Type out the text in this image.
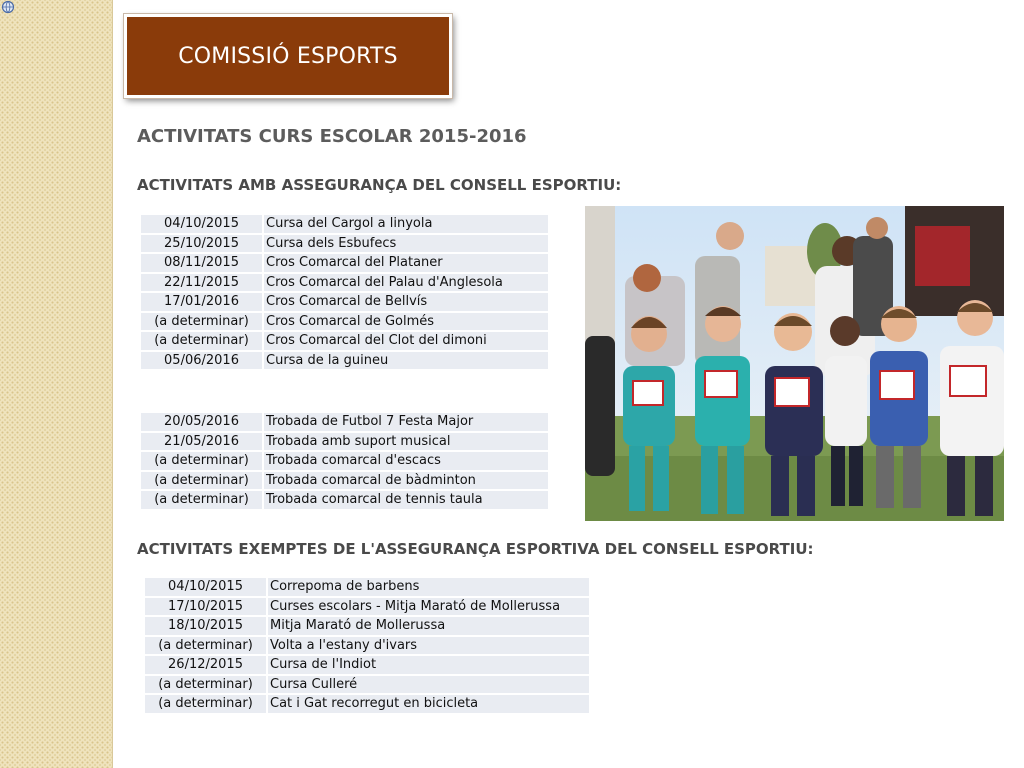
COMISSIÓ ESPORTS
ACTIVITATS CURS ESCOLAR 2015-2016
ACTIVITATS AMB ASSEGURANÇA DEL CONSELL ESPORTIU:
04/10/2015	Cursa del Cargol a linyola
25/10/2015	Cursa dels Esbufecs
08/11/2015	Cros Comarcal del Plataner
22/11/2015	Cros Comarcal del Palau d'Anglesola
17/01/2016	Cros Comarcal de Bellvís
(a determinar)	Cros Comarcal de Golmés
(a determinar)	Cros Comarcal del Clot del dimoni
05/06/2016	Cursa de la guineu
20/05/2016	Trobada de Futbol 7 Festa Major
21/05/2016	Trobada amb suport musical
(a determinar)	Trobada comarcal d'escacs
(a determinar)	Trobada comarcal de bàdminton
(a determinar)	Trobada comarcal de tennis taula
ACTIVITATS EXEMPTES DE L'ASSEGURANÇA ESPORTIVA DEL CONSELL ESPORTIU:
04/10/2015	Correpoma de barbens
17/10/2015	Curses escolars - Mitja Marató de Mollerussa
18/10/2015	Mitja Marató de Mollerussa
(a determinar)	Volta a l'estany d'ivars
26/12/2015	Cursa de l'Indiot
(a determinar)	Cursa Culleré
(a determinar)	Cat i Gat recorregut en bicicleta
